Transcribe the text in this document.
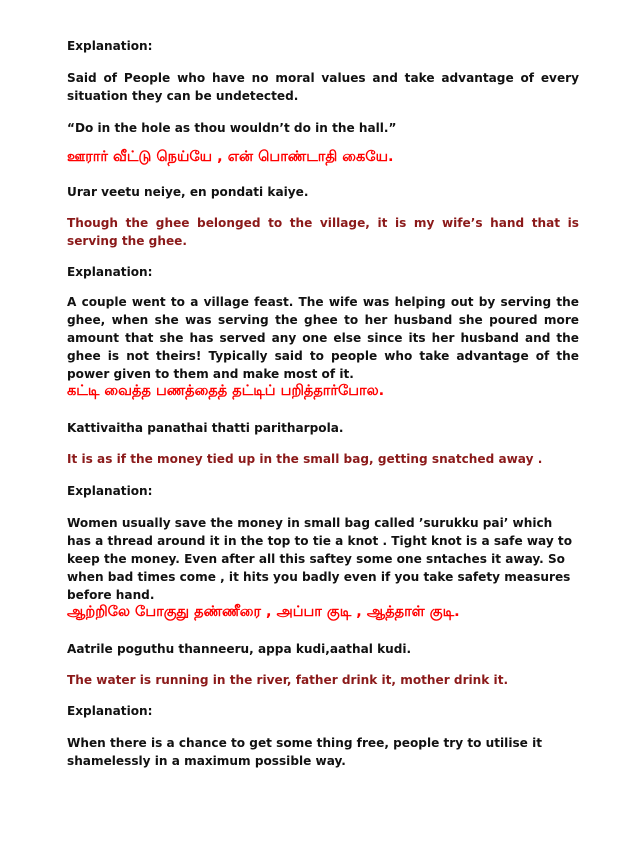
Explanation:

Said of People who have no moral values and take advantage of every situation they can be undetected.

“Do in the hole as thou wouldn’t do in the hall.”

ஊரார் வீட்டு நெய்யே , என் பொண்டாதி கையே.

Urar veetu neiye, en pondati kaiye.

Though the ghee belonged to the village, it is my wife’s hand that is serving the ghee.

Explanation:

A couple went to a village feast. The wife was helping out by serving the ghee, when she was serving the ghee to her husband she poured more amount that she has served any one else since its her husband and the ghee is not theirs! Typically said to people who take advantage of the power given to them and make most of it.

கட்டி வைத்த பணத்தைத் தட்டிப் பறித்தார்போல.

Kattivaitha panathai thatti paritharpola.

It is as if the money tied up in the small bag, getting snatched away .

Explanation:

Women usually save the money in small bag called ’surukku pai’ which has a thread around it in the top to tie a knot . Tight knot is a safe way to keep the money. Even after all this saftey some one sntaches it away. So when bad times come , it hits you badly even if you take safety measures before hand.

ஆற்றிலே போகுது தண்ணீரை , அப்பா குடி , ஆத்தாள் குடி.

Aatrile poguthu thanneeru, appa kudi,aathal kudi.

The water is running in the river, father drink it, mother drink it.

Explanation:

When there is a chance to get some thing free, people try to utilise it shamelessly in a maximum possible way.
